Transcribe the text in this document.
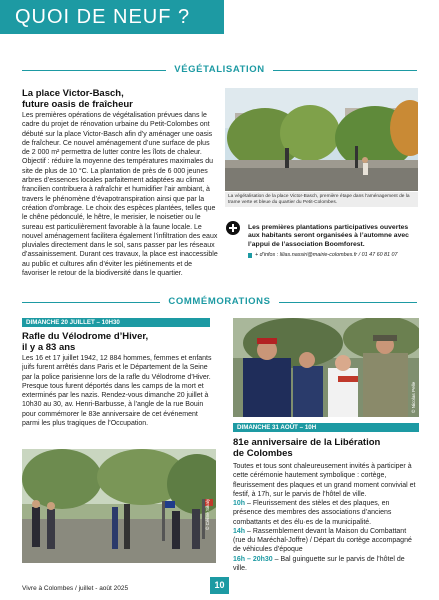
QUOI DE NEUF ?
VÉGÉTALISATION
La place Victor-Basch,
future oasis de fraîcheur
Les premières opérations de végétalisation prévues dans le cadre du projet de rénovation urbaine du Petit-Colombes ont débuté sur la place Victor-Basch afin d’y aménager une oasis de fraîcheur. Ce nouvel aménagement d’une surface de plus de 2 000 m² permettra de lutter contre les îlots de chaleur. Objectif : réduire la moyenne des températures maximales du site de plus de 10 °C. La plantation de près de 6 000 jeunes arbres d’essences locales parfaitement adaptées au climat francilien contribuera à rafraîchir et humidifier l’air ambiant, à travers le phénomène d’évapotranspiration ainsi que par la création d’ombrage. Le choix des espèces plantées, telles que le chêne pédonculé, le hêtre, le merisier, le noisetier ou le sureau est particulièrement favorable à la faune locale. Le nouvel aménagement facilitera également l’infiltration des eaux pluviales directement dans le sol, sans passer par les réseaux d’assainissement. Durant ces travaux, la place est inaccessible au public et cultures afin d’éviter les piétinements et de favoriser le retour de la biodiversité dans le quartier.
La végétalisation de la place Victor-Basch, première étape dans l’aménagement de la trame verte et bleue du quartier du Petit-Colombes.
Les premières plantations participatives ouvertes aux habitants seront organisées à l’automne avec l’appui de l’association Boomforest.
+ d’infos : lilias.nassiri@mairie-colombes.fr / 01 47 60 81 07
COMMÉMORATIONS
DIMANCHE 20 JUILLET – 10H30
Rafle du Vélodrome d’Hiver,
il y a 83 ans
Les 16 et 17 juillet 1942, 12 884 hommes, femmes et enfants juifs furent arrêtés dans Paris et le Département de la Seine par la police parisienne lors de la rafle du Vélodrome d’Hiver. Presque tous furent déportés dans les camps de la mort et exterminés par les nazis. Rendez-vous dimanche 20 juillet à 10h30 au 30, av. Henri-Barbusse, à l’angle de la rue Bouin pour commémorer le 83e anniversaire de cet événement parmi les plus tragiques de l’Occupation.
© Céline Sikaly
© Nicolas Pelle
DIMANCHE 31 AOÛT – 10H
81e anniversaire de la Libération
de Colombes
Toutes et tous sont chaleureusement invités à participer à cette cérémonie hautement symbolique : cortège, fleurissement des plaques et un grand moment convivial et festif, à 17h, sur le parvis de l’hôtel de ville.
10h – Fleurissement des stèles et des plaques, en présence des membres des associations d’anciens combattants et des élu·es de la municipalité.
14h – Rassemblement devant la Maison du Combattant (rue du Maréchal-Joffre) / Départ du cortège accompagné de véhicules d’époque
16h – 20h30 – Bal guinguette sur le parvis de l’hôtel de ville.
Vivre à Colombes / juillet - août 2025	10
